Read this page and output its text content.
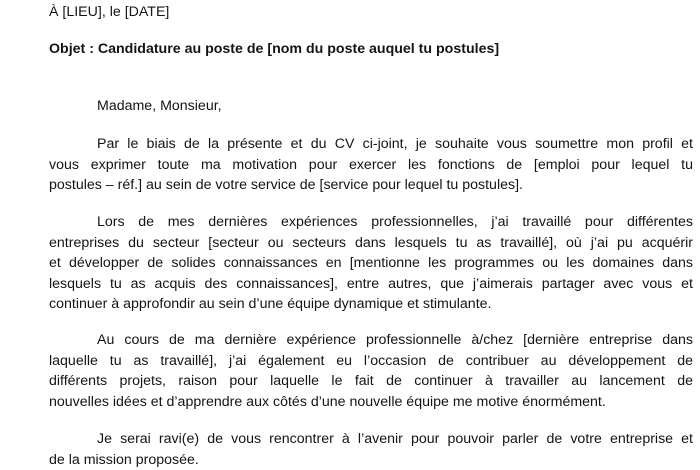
À [LIEU], le [DATE]
Objet : Candidature au poste de [nom du poste auquel tu postules]
Madame, Monsieur,
Par le biais de la présente et du CV ci-joint, je souhaite vous soumettre mon profil et
vous exprimer toute ma motivation pour exercer les fonctions de [emploi pour lequel tu
postules – réf.] au sein de votre service de [service pour lequel tu postules].
Lors de mes dernières expériences professionnelles, j’ai travaillé pour différentes
entreprises du secteur [secteur ou secteurs dans lesquels tu as travaillé], où j’ai pu acquérir
et développer de solides connaissances en [mentionne les programmes ou les domaines dans
lesquels tu as acquis des connaissances], entre autres, que j’aimerais partager avec vous et
continuer à approfondir au sein d’une équipe dynamique et stimulante.
Au cours de ma dernière expérience professionnelle à/chez [dernière entreprise dans
laquelle tu as travaillé], j’ai également eu l’occasion de contribuer au développement de
différents projets, raison pour laquelle le fait de continuer à travailler au lancement de
nouvelles idées et d’apprendre aux côtés d’une nouvelle équipe me motive énormément.
Je serai ravi(e) de vous rencontrer à l’avenir pour pouvoir parler de votre entreprise et
de la mission proposée.
